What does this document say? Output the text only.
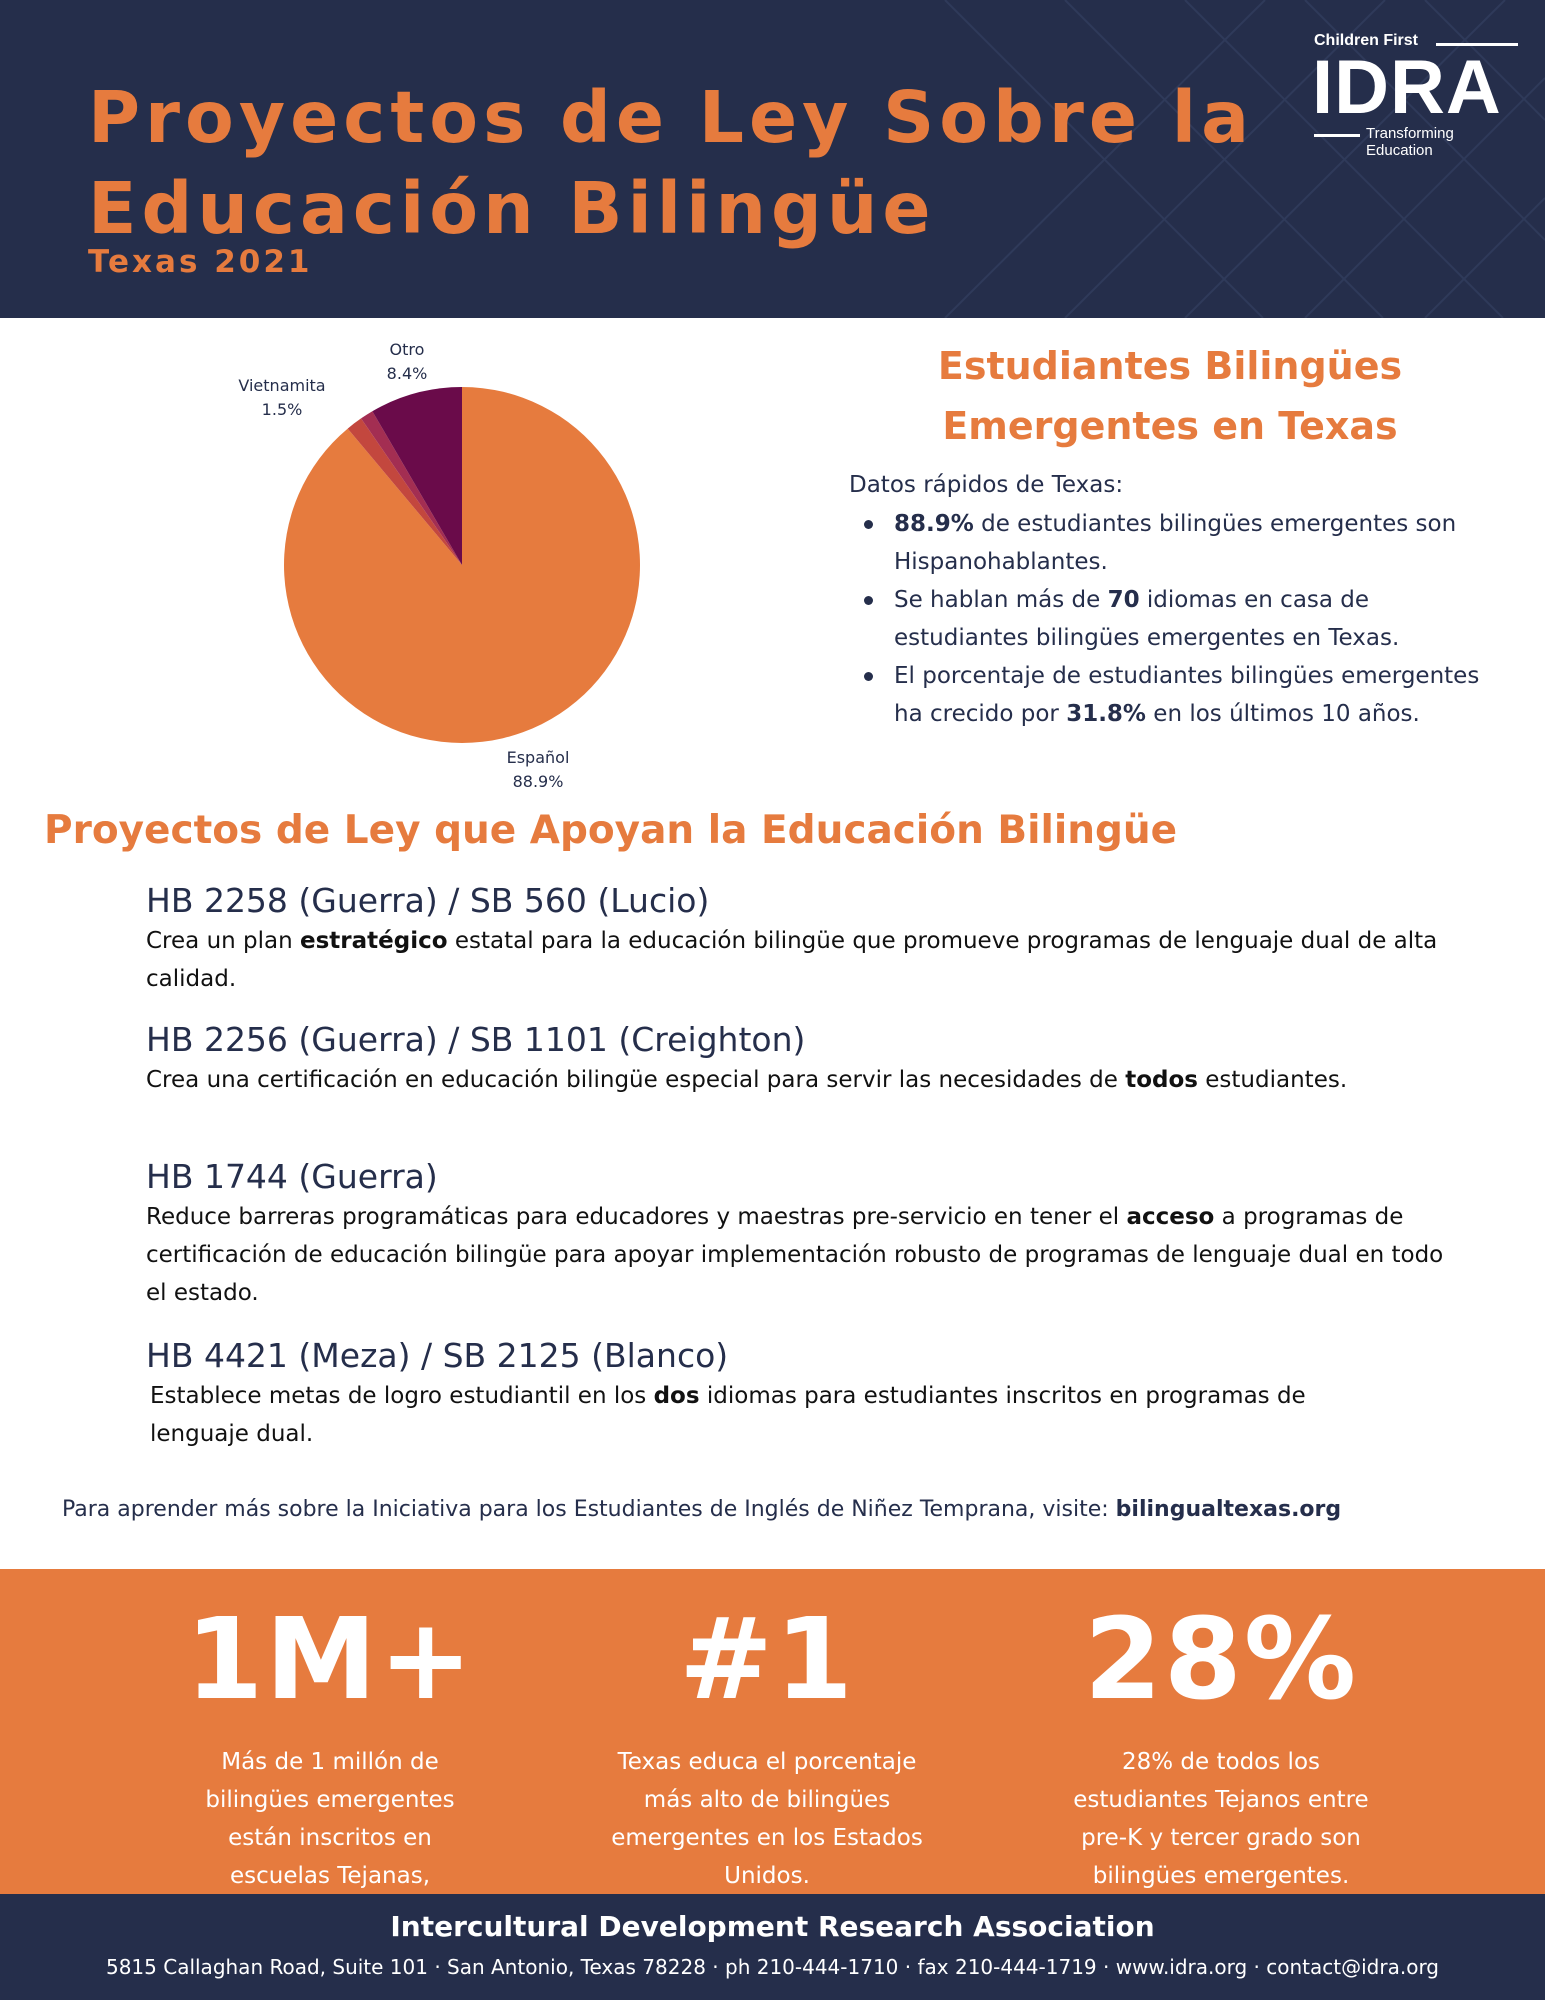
Proyectos de Ley Sobre la
Educación Bilingüe
Texas 2021
Children First
IDRA
Transforming Education
Otro
8.4%
Vietnamita
1.5%
Español
88.9%
Estudiantes Bilingües
Emergentes en Texas
Datos rápidos de Texas:
88.9% de estudiantes bilingües emergentes son Hispanohablantes.
Se hablan más de 70 idiomas en casa de estudiantes bilingües emergentes en Texas.
El porcentaje de estudiantes bilingües emergentes ha crecido por 31.8% en los últimos 10 años.
Proyectos de Ley que Apoyan la Educación Bilingüe
HB 2258 (Guerra) / SB 560 (Lucio)
Crea un plan estratégico estatal para la educación bilingüe que promueve programas de lenguaje dual de alta calidad.
HB 2256 (Guerra) / SB 1101 (Creighton)
Crea una certificación en educación bilingüe especial para servir las necesidades de todos estudiantes.
HB 1744 (Guerra)
Reduce barreras programáticas para educadores y maestras pre-servicio en tener el acceso a programas de certificación de educación bilingüe para apoyar implementación robusto de programas de lenguaje dual en todo el estado.
HB 4421 (Meza) / SB 2125 (Blanco)
Establece metas de logro estudiantil en los dos idiomas para estudiantes inscritos en programas de lenguaje dual.
Para aprender más sobre la Iniciativa para los Estudiantes de Inglés de Niñez Temprana, visite: bilingualtexas.org
1M+
Más de 1 millón de bilingües emergentes están inscritos en escuelas Tejanas,
#1
Texas educa el porcentaje más alto de bilingües emergentes en los Estados Unidos.
28%
28% de todos los estudiantes Tejanos entre pre-K y tercer grado son bilingües emergentes.
Intercultural Development Research Association
5815 Callaghan Road, Suite 101 · San Antonio, Texas 78228 · ph 210-444-1710 · fax 210-444-1719 · www.idra.org · contact@idra.org
